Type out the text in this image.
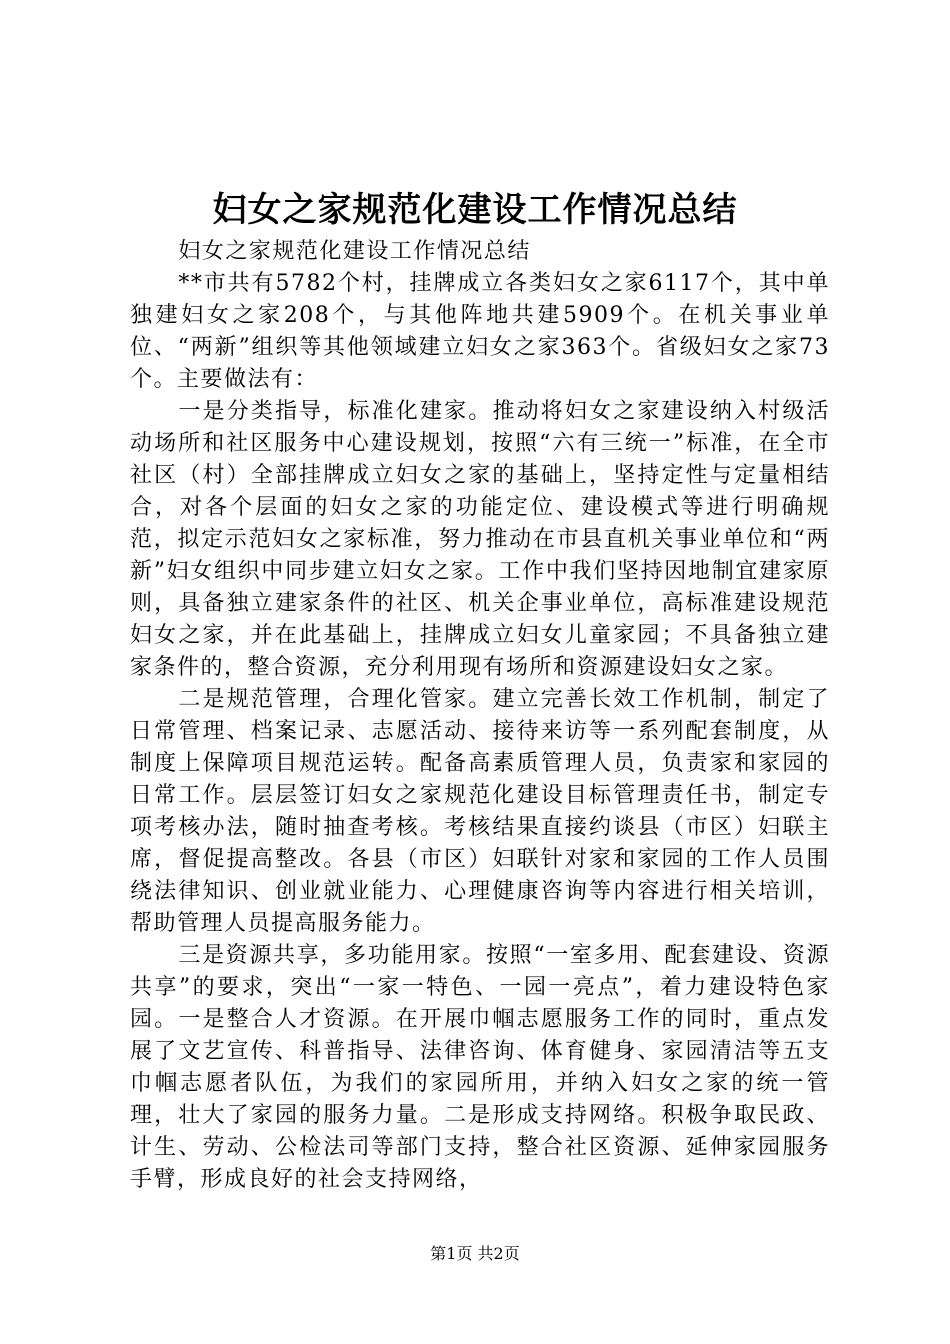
妇女之家规范化建设工作情况总结

妇女之家规范化建设工作情况总结

**市共有5782个村，挂牌成立各类妇女之家6117个，其中单独建妇女之家208个，与其他阵地共建5909个。在机关事业单位、“两新”组织等其他领域建立妇女之家363个。省级妇女之家73个。主要做法有：

一是分类指导，标准化建家。推动将妇女之家建设纳入村级活动场所和社区服务中心建设规划，按照“六有三统一”标准，在全市社区（村）全部挂牌成立妇女之家的基础上，坚持定性与定量相结合，对各个层面的妇女之家的功能定位、建设模式等进行明确规范，拟定示范妇女之家标准，努力推动在市县直机关事业单位和“两新”妇女组织中同步建立妇女之家。工作中我们坚持因地制宜建家原则，具备独立建家条件的社区、机关企事业单位，高标准建设规范妇女之家，并在此基础上，挂牌成立妇女儿童家园；不具备独立建家条件的，整合资源，充分利用现有场所和资源建设妇女之家。

二是规范管理，合理化管家。建立完善长效工作机制，制定了日常管理、档案记录、志愿活动、接待来访等一系列配套制度，从制度上保障项目规范运转。配备高素质管理人员，负责家和家园的日常工作。层层签订妇女之家规范化建设目标管理责任书，制定专项考核办法，随时抽查考核。考核结果直接约谈县（市区）妇联主席，督促提高整改。各县（市区）妇联针对家和家园的工作人员围绕法律知识、创业就业能力、心理健康咨询等内容进行相关培训，帮助管理人员提高服务能力。

三是资源共享，多功能用家。按照“一室多用、配套建设、资源共享”的要求，突出“一家一特色、一园一亮点”，着力建设特色家园。一是整合人才资源。在开展巾帼志愿服务工作的同时，重点发展了文艺宣传、科普指导、法律咨询、体育健身、家园清洁等五支巾帼志愿者队伍，为我们的家园所用，并纳入妇女之家的统一管理，壮大了家园的服务力量。二是形成支持网络。积极争取民政、计生、劳动、公检法司等部门支持，整合社区资源、延伸家园服务手臂，形成良好的社会支持网络，

第1页 共2页
